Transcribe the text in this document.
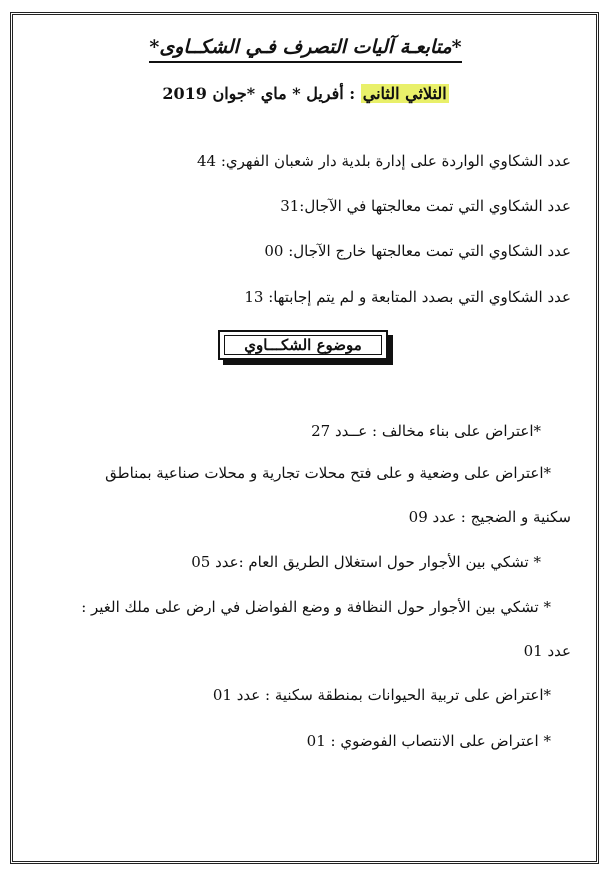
*متابعـة آليات التصرف فـي الشكــاوى*
الثلاثي الثاني : أفريل * ماي *جوان 2019
عدد الشكاوي الواردة على إدارة بلدية دار شعبان الفهري: 44
عدد الشكاوي التي تمت معالجتها في الآجال:31
عدد الشكاوي التي تمت معالجتها خارج الآجال: 00
عدد الشكاوي التي بصدد المتابعة و لم يتم إجابتها: 13
موضوع الشكـــاوي
*اعتراض على بناء مخالف : عــدد 27
*اعتراض على وضعية و على فتح محلات تجارية و محلات صناعية بمناطق
سكنية و الضجيج : عدد 09
* تشكي بين الأجوار حول استغلال الطريق العام :عدد 05
* تشكي بين الأجوار حول النظافة و وضع الفواضل في ارض على ملك الغير :
عدد 01
*اعتراض على تربية الحيوانات بمنطقة سكنية : عدد 01
* اعتراض على الانتصاب الفوضوي : 01
